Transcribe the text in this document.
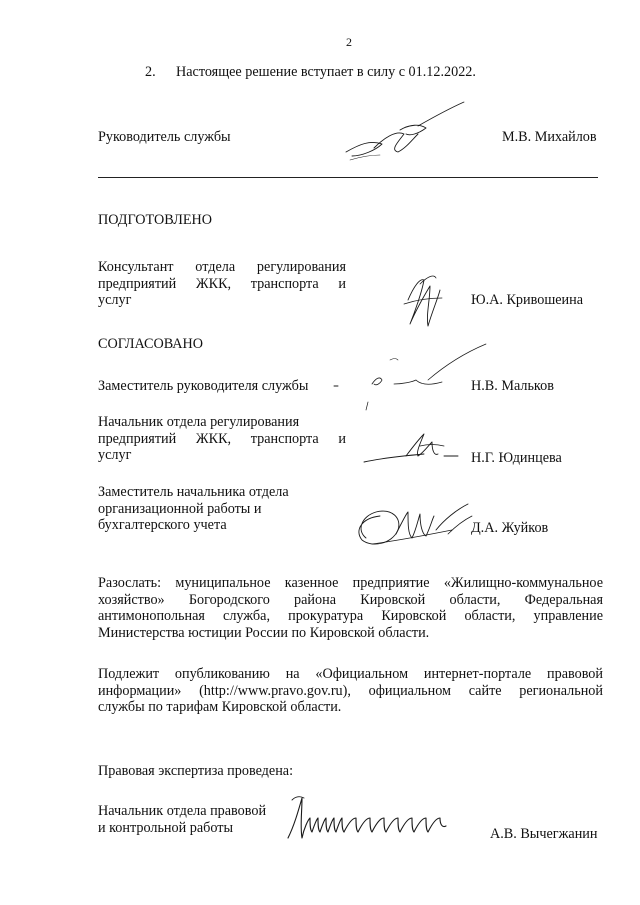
2
2. Настоящее решение вступает в силу с 01.12.2022.
Руководитель службы	М.В. Михайлов
ПОДГОТОВЛЕНО
Консультант отдела регулирования
предприятий ЖКК, транспорта и
услуг	Ю.А. Кривошеина
СОГЛАСОВАНО
Заместитель руководителя службы	Н.В. Мальков
Начальник отдела регулирования
предприятий ЖКК, транспорта и
услуг	Н.Г. Юдинцева
Заместитель начальника отдела
организационной работы и
бухгалтерского учета	Д.А. Жуйков
Разослать: муниципальное казенное предприятие «Жилищно-коммунальное
хозяйство» Богородского района Кировской области, Федеральная
антимонопольная служба, прокуратура Кировской области, управление
Министерства юстиции России по Кировской области.
Подлежит опубликованию на «Официальном интернет-портале правовой
информации» (http://www.pravo.gov.ru), официальном сайте региональной
службы по тарифам Кировской области.
Правовая экспертиза проведена:
Начальник отдела правовой
и контрольной работы	А.В. Вычегжанин
